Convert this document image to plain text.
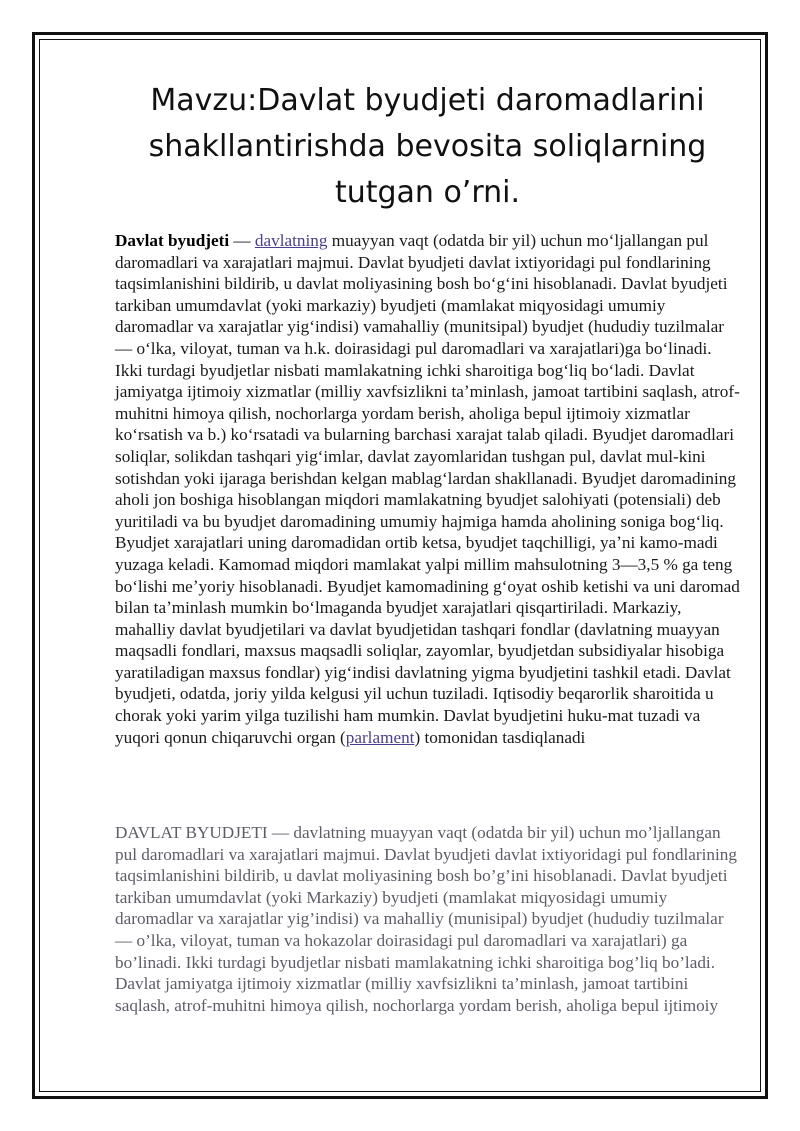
Mavzu:Davlat byudjeti daromadlarini shakllantirishda bevosita soliqlarning tutgan o’rni.
Davlat byudjeti — davlatning muayyan vaqt (odatda bir yil) uchun moʻljallangan pul daromadlari va xarajatlari majmui. Davlat byudjeti davlat ixtiyoridagi pul fondlarining taqsimlanishini bildirib, u davlat moliyasining bosh boʻgʻini hisoblanadi. Davlat byudjeti tarkiban umumdavlat (yoki markaziy) byudjeti (mamlakat miqyosidagi umumiy daromadlar va xarajatlar yigʻindisi) vamahalliy (munitsipal) byudjet (hududiy tuzilmalar — oʻlka, viloyat, tuman va h.k. doirasidagi pul daromadlari va xarajatlari)ga boʻlinadi. Ikki turdagi byudjetlar nisbati mamlakatning ichki sharoitiga bogʻliq boʻladi. Davlat jamiyatga ijtimoiy xizmatlar (milliy xavfsizlikni taʼminlash, jamoat tartibini saqlash, atrof-muhitni himoya qilish, nochorlarga yordam berish, aholiga bepul ijtimoiy xizmatlar koʻrsatish va b.) koʻrsatadi va bularning barchasi xarajat talab qiladi. Byudjet daromadlari soliqlar, solikdan tashqari yigʻimlar, davlat zayomlaridan tushgan pul, davlat mul-kini sotishdan yoki ijaraga berishdan kelgan mablagʻlardan shakllanadi. Byudjet daromadining aholi jon boshiga hisoblangan miqdori mamlakatning byudjet salohiyati (potensiali) deb yuritiladi va bu byudjet daromadining umumiy hajmiga hamda aholining soniga bogʻliq. Byudjet xarajatlari uning daromadidan ortib ketsa, byudjet taqchilligi, yaʼni kamo-madi yuzaga keladi. Kamomad miqdori mamlakat yalpi millim mahsulotning 3—3,5 % ga teng boʻlishi meʼyoriy hisoblanadi. Byudjet kamomadining gʻoyat oshib ketishi va uni daromad bilan taʼminlash mumkin boʻlmaganda byudjet xarajatlari qisqartiriladi. Markaziy, mahalliy davlat byudjetilari va davlat byudjetidan tashqari fondlar (davlatning muayyan maqsadli fondlari, maxsus maqsadli soliqlar, zayomlar, byudjetdan subsidiyalar hisobiga yaratiladigan maxsus fondlar) yigʻindisi davlatning yigma byudjetini tashkil etadi. Davlat byudjeti, odatda, joriy yilda kelgusi yil uchun tuziladi. Iqtisodiy beqarorlik sharoitida u chorak yoki yarim yilga tuzilishi ham mumkin. Davlat byudjetini huku-mat tuzadi va yuqori qonun chiqaruvchi organ (parlament) tomonidan tasdiqlanadi
DAVLAT BYUDJETI — davlatning muayyan vaqt (odatda bir yil) uchun mo’ljallangan pul daromadlari va xarajatlari majmui. Davlat byudjeti davlat ixtiyoridagi pul fondlarining taqsimlanishini bildirib, u davlat moliyasining bosh bo’g’ini hisoblanadi. Davlat byudjeti tarkiban umumdavlat (yoki Markaziy) byudjeti (mamlakat miqyosidagi umumiy daromadlar va xarajatlar yig’indisi) va mahalliy (munisipal) byudjet (hududiy tuzilmalar — o’lka, viloyat, tuman va hokazolar doirasidagi pul daromadlari va xarajatlari) ga bo’linadi. Ikki turdagi byudjetlar nisbati mamlakatning ichki sharoitiga bog’liq bo’ladi. Davlat jamiyatga ijtimoiy xizmatlar (milliy xavfsizlikni ta’minlash, jamoat tartibini saqlash, atrof-muhitni himoya qilish, nochorlarga yordam berish, aholiga bepul ijtimoiy
